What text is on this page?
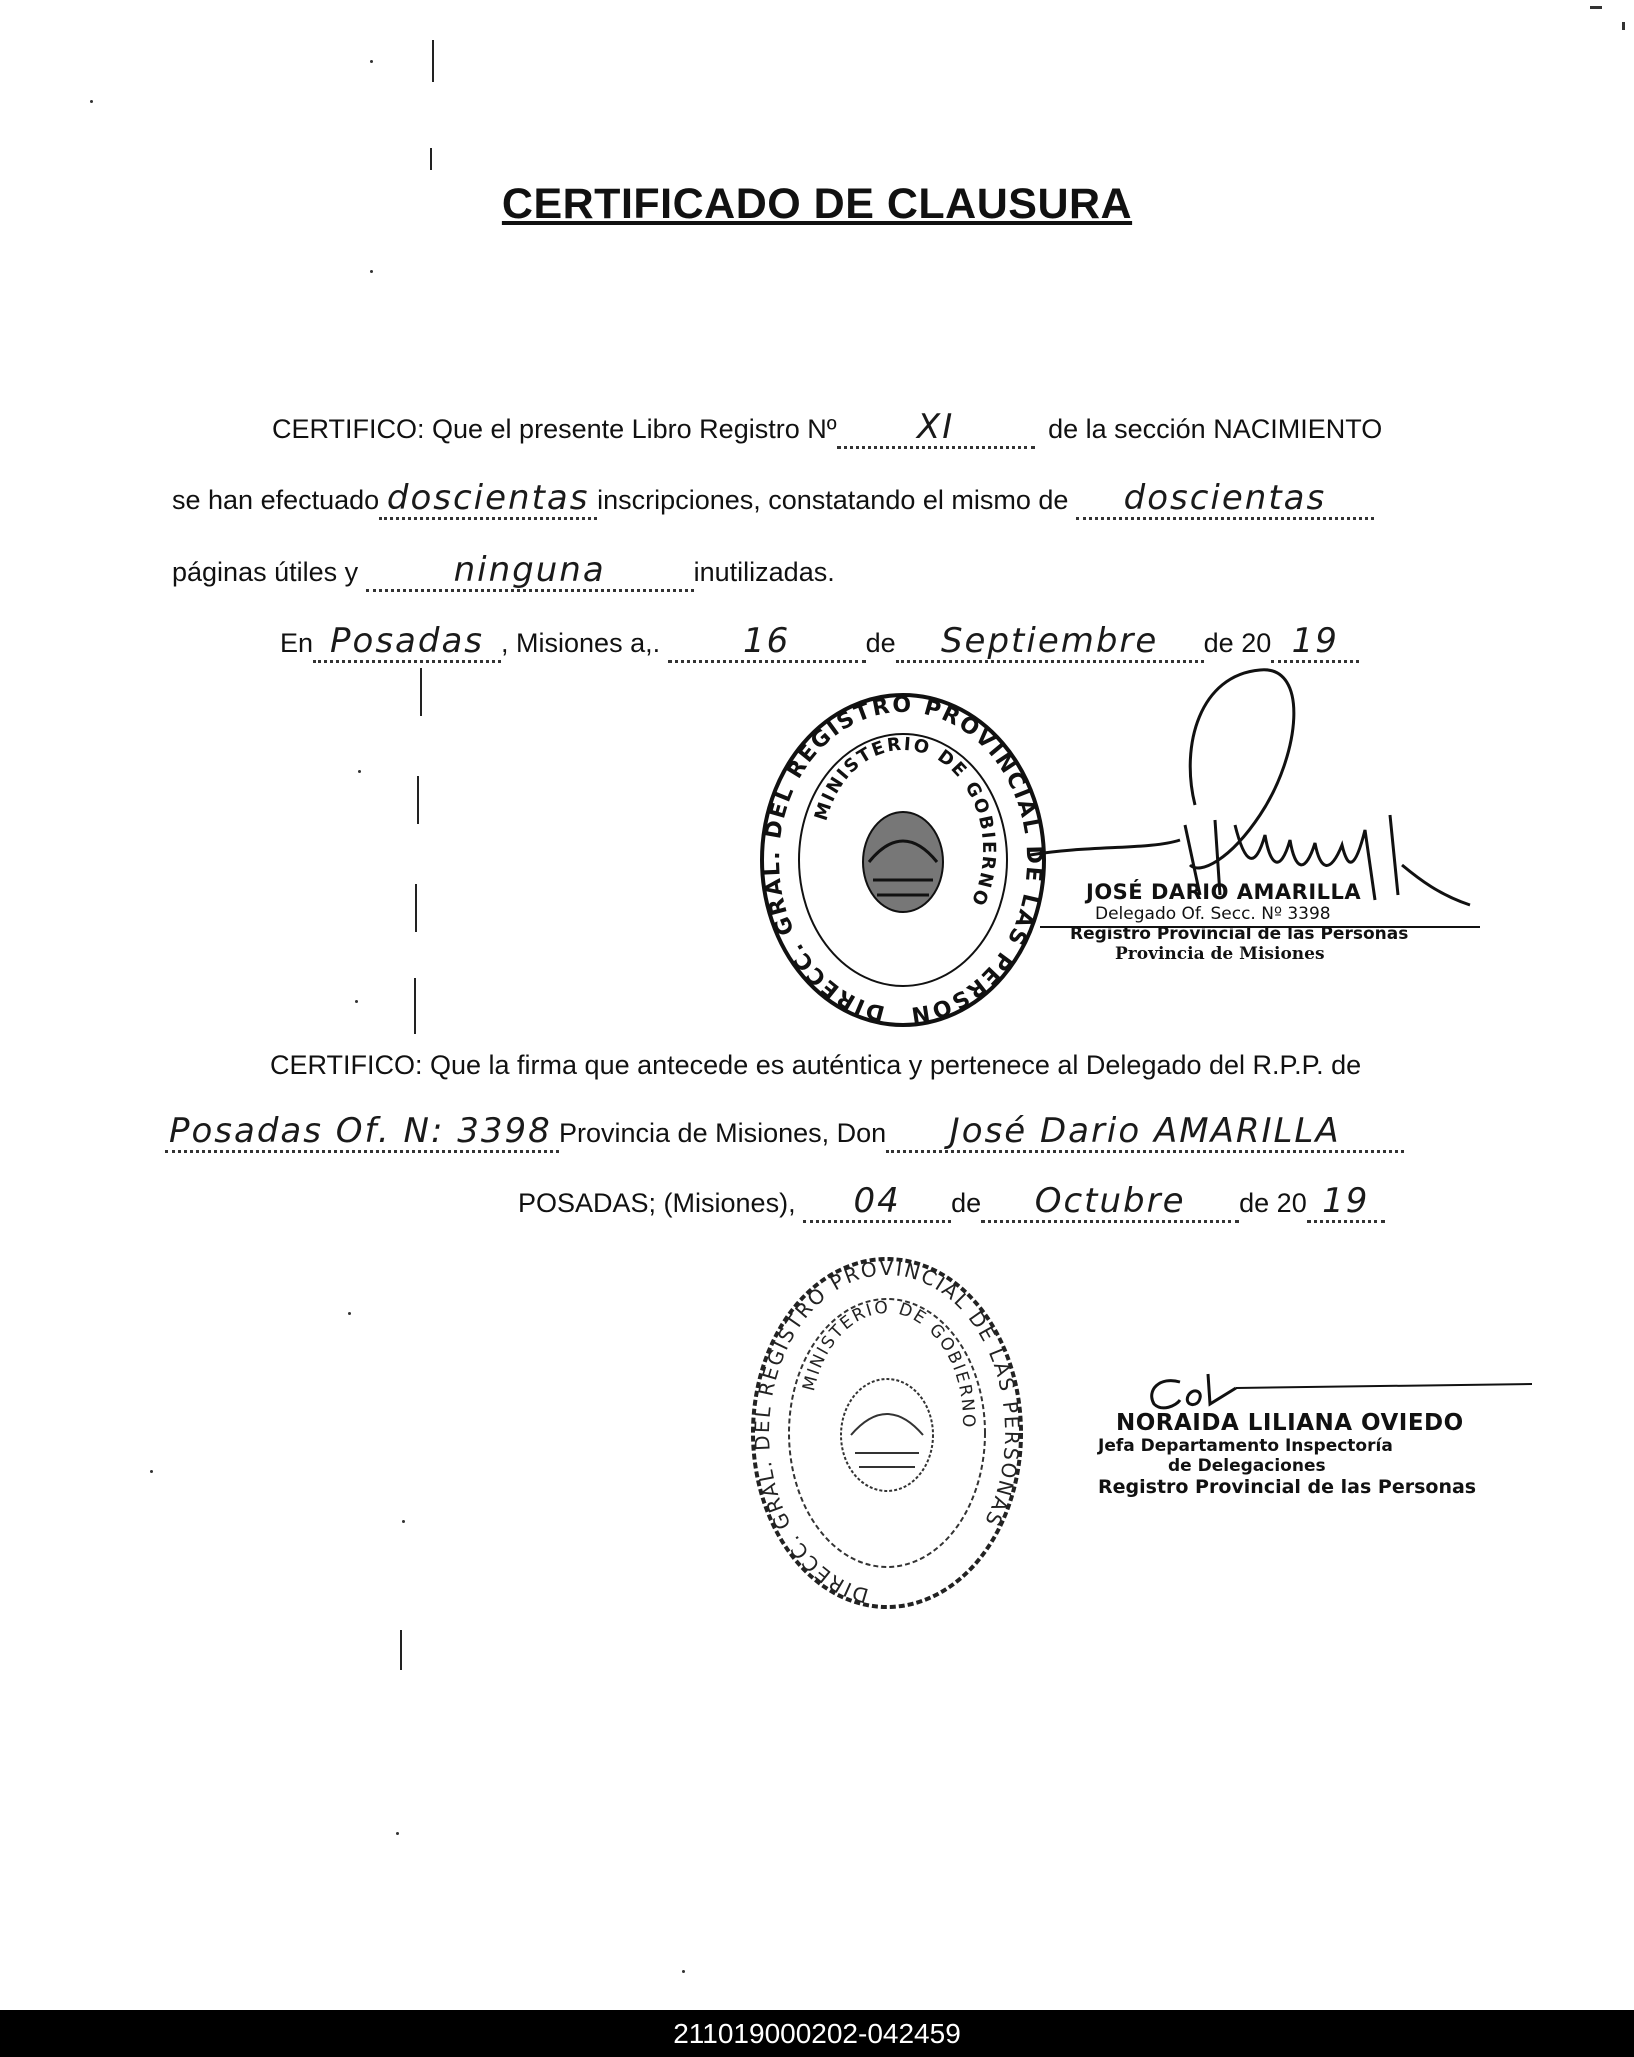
CERTIFICADO DE CLAUSURA
CERTIFICO: Que el presente Libro Registro Nº XI	de la sección NACIMIENTO
se han efectuado doscientas inscripciones, constatando el mismo de doscientas
páginas útiles y	ninguna	inutilizadas.
En Posadas , Misiones a,. 16	de Septiembre de 20 19
DIRECC. GRAL. DEL REGISTRO PROVINCIAL DE LAS PERSON
MINISTERIO DE GOBIERNO	JOSÉ DARIO AMARILLA
Delegado Of. Secc. Nº 3398
Registro Provincial de las Personas
Provincia de Misiones
CERTIFICO: Que la firma que antecede es auténtica y pertenece al Delegado del R.P.P. de
Posadas Of. N: 3398 Provincia de Misiones, Don José Dario AMARILLA
POSADAS; (Misiones), 04 de Octubre de 20 19
DIRECC. GRAL. DEL REGISTRO PROVINCIAL DE LAS PERSONAS
MINISTERIO DE GOBIERNO	NORAIDA LILIANA OVIEDO
Jefa Departamento Inspectoría
de Delegaciones
Registro Provincial de las Personas
211019000202-042459
